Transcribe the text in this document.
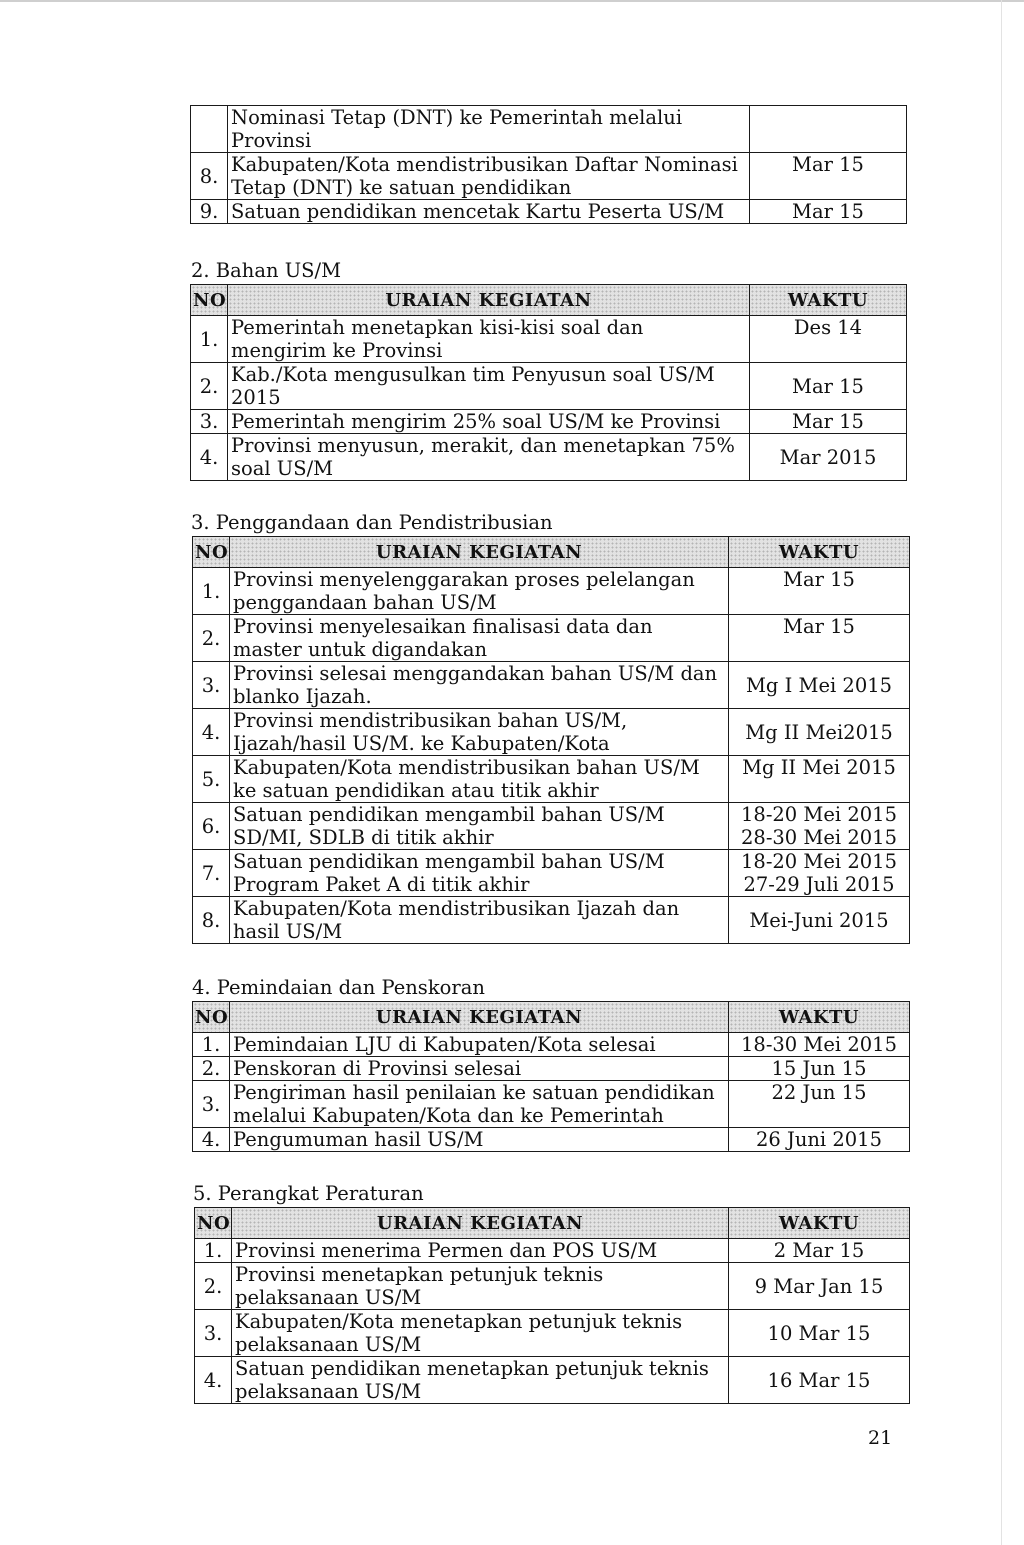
	Nominasi Tetap (DNT) ke Pemerintah melalui
Provinsi	

8.	Kabupaten/Kota mendistribusikan Daftar Nominasi
Tetap (DNT) ke satuan pendidikan	Mar 15

9.	Satuan pendidikan mencetak Kartu Peserta US/M	Mar 15
2. Bahan US/M
NO	URAIAN KEGIATAN	WAKTU
1.	Pemerintah menetapkan kisi-kisi soal dan
mengirim ke Provinsi	Des 14

2.	Kab./Kota mengusulkan tim Penyusun soal US/M
2015	Mar 15

3.	Pemerintah mengirim 25% soal US/M ke Provinsi	Mar 15

4.	Provinsi menyusun, merakit, dan menetapkan 75%
soal US/M	Mar 2015
3. Penggandaan dan Pendistribusian
NO	URAIAN KEGIATAN	WAKTU
1.	Provinsi menyelenggarakan proses pelelangan
penggandaan bahan US/M	Mar 15

2.	Provinsi menyelesaikan finalisasi data dan
master untuk digandakan	Mar 15

3.	Provinsi selesai menggandakan bahan US/M dan
blanko Ijazah.	Mg I Mei 2015

4.	Provinsi mendistribusikan bahan US/M,
Ijazah/hasil US/M. ke Kabupaten/Kota	Mg II Mei2015

5.	Kabupaten/Kota mendistribusikan bahan US/M
ke satuan pendidikan atau titik akhir	Mg II Mei 2015

6.	Satuan pendidikan mengambil bahan US/M
SD/MI, SDLB di titik akhir	18-20 Mei 2015
28-30 Mei 2015

7.	Satuan pendidikan mengambil bahan US/M
Program Paket A di titik akhir	18-20 Mei 2015
27-29 Juli 2015

8.	Kabupaten/Kota mendistribusikan Ijazah dan
hasil US/M	Mei-Juni 2015
4. Pemindaian dan Penskoran
NO	URAIAN KEGIATAN	WAKTU
1.	Pemindaian LJU di Kabupaten/Kota selesai	18-30 Mei 2015

2.	Penskoran di Provinsi selesai	15 Jun 15

3.	Pengiriman hasil penilaian ke satuan pendidikan
melalui Kabupaten/Kota dan ke Pemerintah	22 Jun 15

4.	Pengumuman hasil US/M	26 Juni 2015
5. Perangkat Peraturan
NO	URAIAN KEGIATAN	WAKTU
1.	Provinsi menerima Permen dan POS US/M	2 Mar 15

2.	Provinsi menetapkan petunjuk teknis
pelaksanaan US/M	9 Mar Jan 15

3.	Kabupaten/Kota menetapkan petunjuk teknis
pelaksanaan US/M	10 Mar 15

4.	Satuan pendidikan menetapkan petunjuk teknis
pelaksanaan US/M	16 Mar 15
21
